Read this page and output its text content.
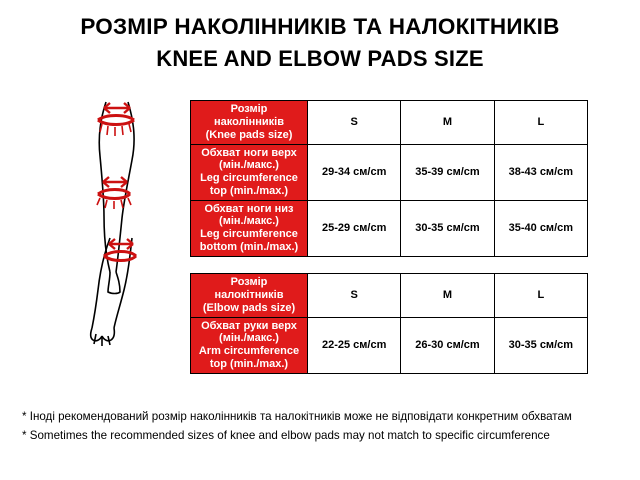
РОЗМІР НАКОЛІННИКІВ ТА НАЛОКІТНИКІВ
KNEE AND ELBOW PADS SIZE
Розмір
наколінників
(Knee pads size)	S	M	L

Обхват ноги верх
(мін./макс.)
Leg circumference
top (min./max.)	29-34 см/cm	35-39 см/cm	38-43 см/cm

Обхват ноги низ
(мін./макс.)
Leg circumference
bottom (min./max.)	25-29 см/cm	30-35 см/cm	35-40 см/cm
Розмір
налокітників
(Elbow pads size)	S	M	L

Обхват руки верх
(мін./макс.)
Arm circumference
top (min./max.)	22-25 см/cm	26-30 см/cm	30-35 см/cm
* Іноді рекомендований розмір наколінників та налокітників може не відповідати конкретним обхватам
* Sometimes the recommended sizes of knee and elbow pads may not match to specific circumference
